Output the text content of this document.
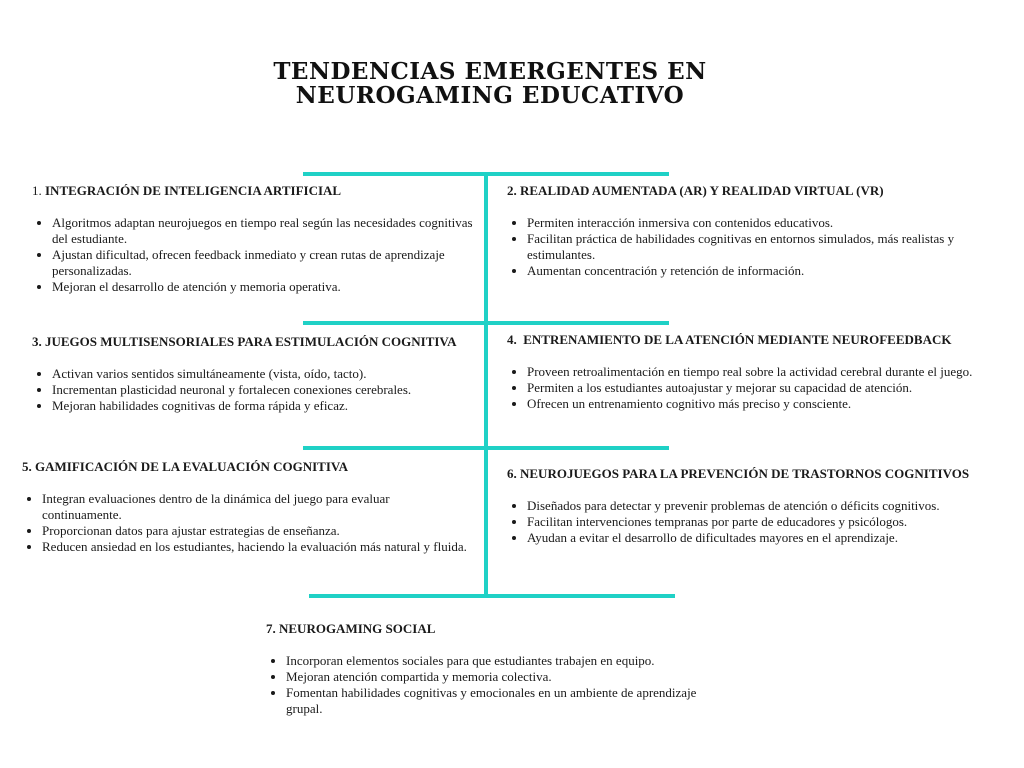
TENDENCIAS EMERGENTES EN
NEUROGAMING EDUCATIVO
1. INTEGRACIÓN DE INTELIGENCIA ARTIFICIAL
• Algoritmos adaptan neurojuegos en tiempo real según las necesidades cognitivas del estudiante.
• Ajustan dificultad, ofrecen feedback inmediato y crean rutas de aprendizaje personalizadas.
• Mejoran el desarrollo de atención y memoria operativa.
2. REALIDAD AUMENTADA (AR) Y REALIDAD VIRTUAL (VR)
• Permiten interacción inmersiva con contenidos educativos.
• Facilitan práctica de habilidades cognitivas en entornos simulados, más realistas y estimulantes.
• Aumentan concentración y retención de información.
3. JUEGOS MULTISENSORIALES PARA ESTIMULACIÓN COGNITIVA
• Activan varios sentidos simultáneamente (vista, oído, tacto).
• Incrementan plasticidad neuronal y fortalecen conexiones cerebrales.
• Mejoran habilidades cognitivas de forma rápida y eficaz.
4. ENTRENAMIENTO DE LA ATENCIÓN MEDIANTE NEUROFEEDBACK
• Proveen retroalimentación en tiempo real sobre la actividad cerebral durante el juego.
• Permiten a los estudiantes autoajustar y mejorar su capacidad de atención.
• Ofrecen un entrenamiento cognitivo más preciso y consciente.
5. GAMIFICACIÓN DE LA EVALUACIÓN COGNITIVA
• Integran evaluaciones dentro de la dinámica del juego para evaluar continuamente.
• Proporcionan datos para ajustar estrategias de enseñanza.
• Reducen ansiedad en los estudiantes, haciendo la evaluación más natural y fluida.
6. NEUROJUEGOS PARA LA PREVENCIÓN DE TRASTORNOS COGNITIVOS
• Diseñados para detectar y prevenir problemas de atención o déficits cognitivos.
• Facilitan intervenciones tempranas por parte de educadores y psicólogos.
• Ayudan a evitar el desarrollo de dificultades mayores en el aprendizaje.
7. NEUROGAMING SOCIAL
• Incorporan elementos sociales para que estudiantes trabajen en equipo.
• Mejoran atención compartida y memoria colectiva.
• Fomentan habilidades cognitivas y emocionales en un ambiente de aprendizaje grupal.
